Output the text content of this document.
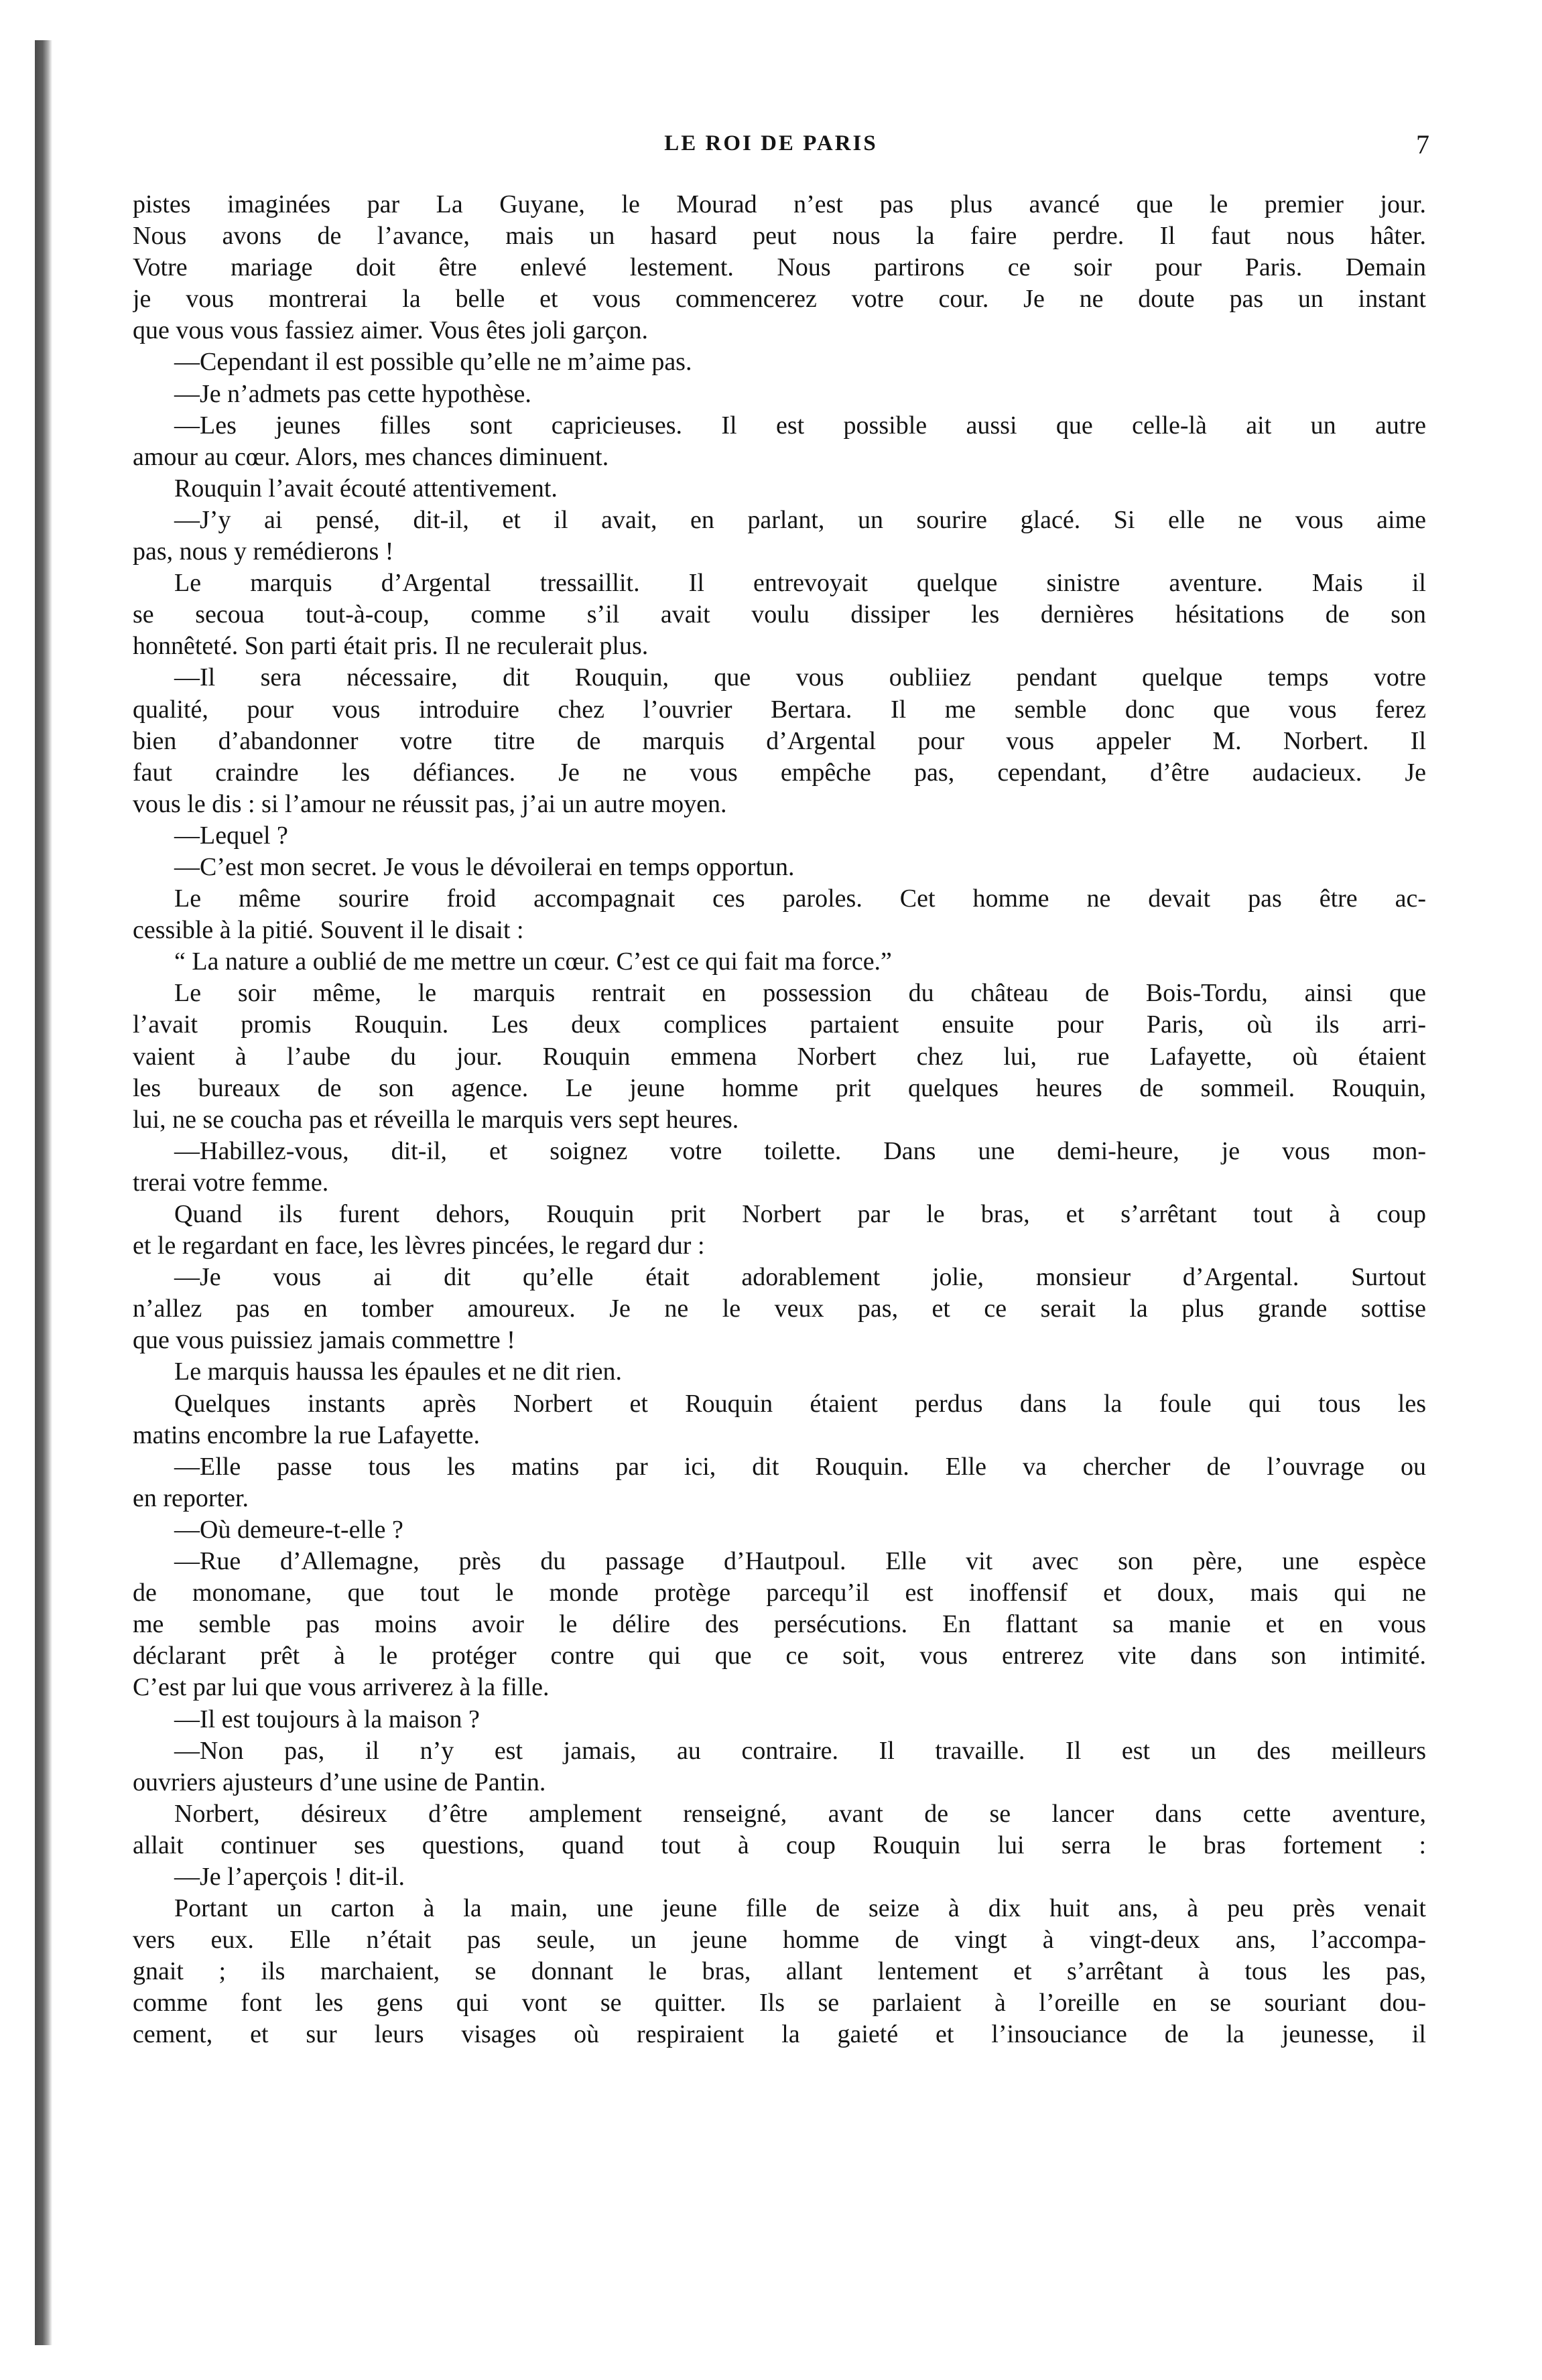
LE ROI DE PARIS	7
pistes imaginées par La Guyane, le Mourad n’est pas plus avancé que le premier jour.
Nous avons de l’avance, mais un hasard peut nous la faire perdre. Il faut nous hâter.
Votre mariage doit être enlevé lestement. Nous partirons ce soir pour Paris. Demain
je vous montrerai la belle et vous commencerez votre cour. Je ne doute pas un instant
que vous vous fassiez aimer. Vous êtes joli garçon.
—Cependant il est possible qu’elle ne m’aime pas.
—Je n’admets pas cette hypothèse.
—Les jeunes filles sont capricieuses. Il est possible aussi que celle-là ait un autre
amour au cœur. Alors, mes chances diminuent.
Rouquin l’avait écouté attentivement.
—J’y ai pensé, dit-il, et il avait, en parlant, un sourire glacé. Si elle ne vous aime
pas, nous y remédierons !
Le marquis d’Argental tressaillit. Il entrevoyait quelque sinistre aventure. Mais il
se secoua tout-à-coup, comme s’il avait voulu dissiper les dernières hésitations de son
honnêteté. Son parti était pris. Il ne reculerait plus.
—Il sera nécessaire, dit Rouquin, que vous oubliiez pendant quelque temps votre
qualité, pour vous introduire chez l’ouvrier Bertara. Il me semble donc que vous ferez
bien d’abandonner votre titre de marquis d’Argental pour vous appeler M. Norbert. Il
faut craindre les défiances. Je ne vous empêche pas, cependant, d’être audacieux. Je
vous le dis : si l’amour ne réussit pas, j’ai un autre moyen.
—Lequel ?
—C’est mon secret. Je vous le dévoilerai en temps opportun.
Le même sourire froid accompagnait ces paroles. Cet homme ne devait pas être ac-
cessible à la pitié. Souvent il le disait :
“ La nature a oublié de me mettre un cœur. C’est ce qui fait ma force.”
Le soir même, le marquis rentrait en possession du château de Bois-Tordu, ainsi que
l’avait promis Rouquin. Les deux complices partaient ensuite pour Paris, où ils arri-
vaient à l’aube du jour. Rouquin emmena Norbert chez lui, rue Lafayette, où étaient
les bureaux de son agence. Le jeune homme prit quelques heures de sommeil. Rouquin,
lui, ne se coucha pas et réveilla le marquis vers sept heures.
—Habillez-vous, dit-il, et soignez votre toilette. Dans une demi-heure, je vous mon-
trerai votre femme.
Quand ils furent dehors, Rouquin prit Norbert par le bras, et s’arrêtant tout à coup
et le regardant en face, les lèvres pincées, le regard dur :
—Je vous ai dit qu’elle était adorablement jolie, monsieur d’Argental. Surtout
n’allez pas en tomber amoureux. Je ne le veux pas, et ce serait la plus grande sottise
que vous puissiez jamais commettre !
Le marquis haussa les épaules et ne dit rien.
Quelques instants après Norbert et Rouquin étaient perdus dans la foule qui tous les
matins encombre la rue Lafayette.
—Elle passe tous les matins par ici, dit Rouquin. Elle va chercher de l’ouvrage ou
en reporter.
—Où demeure-t-elle ?
—Rue d’Allemagne, près du passage d’Hautpoul. Elle vit avec son père, une espèce
de monomane, que tout le monde protège parcequ’il est inoffensif et doux, mais qui ne
me semble pas moins avoir le délire des persécutions. En flattant sa manie et en vous
déclarant prêt à le protéger contre qui que ce soit, vous entrerez vite dans son intimité.
C’est par lui que vous arriverez à la fille.
—Il est toujours à la maison ?
—Non pas, il n’y est jamais, au contraire. Il travaille. Il est un des meilleurs
ouvriers ajusteurs d’une usine de Pantin.
Norbert, désireux d’être amplement renseigné, avant de se lancer dans cette aventure,
allait continuer ses questions, quand tout à coup Rouquin lui serra le bras fortement :
—Je l’aperçois ! dit-il.
Portant un carton à la main, une jeune fille de seize à dix huit ans, à peu près venait
vers eux. Elle n’était pas seule, un jeune homme de vingt à vingt-deux ans, l’accompa-
gnait ; ils marchaient, se donnant le bras, allant lentement et s’arrêtant à tous les pas,
comme font les gens qui vont se quitter. Ils se parlaient à l’oreille en se souriant dou-
cement, et sur leurs visages où respiraient la gaieté et l’insouciance de la jeunesse, il
